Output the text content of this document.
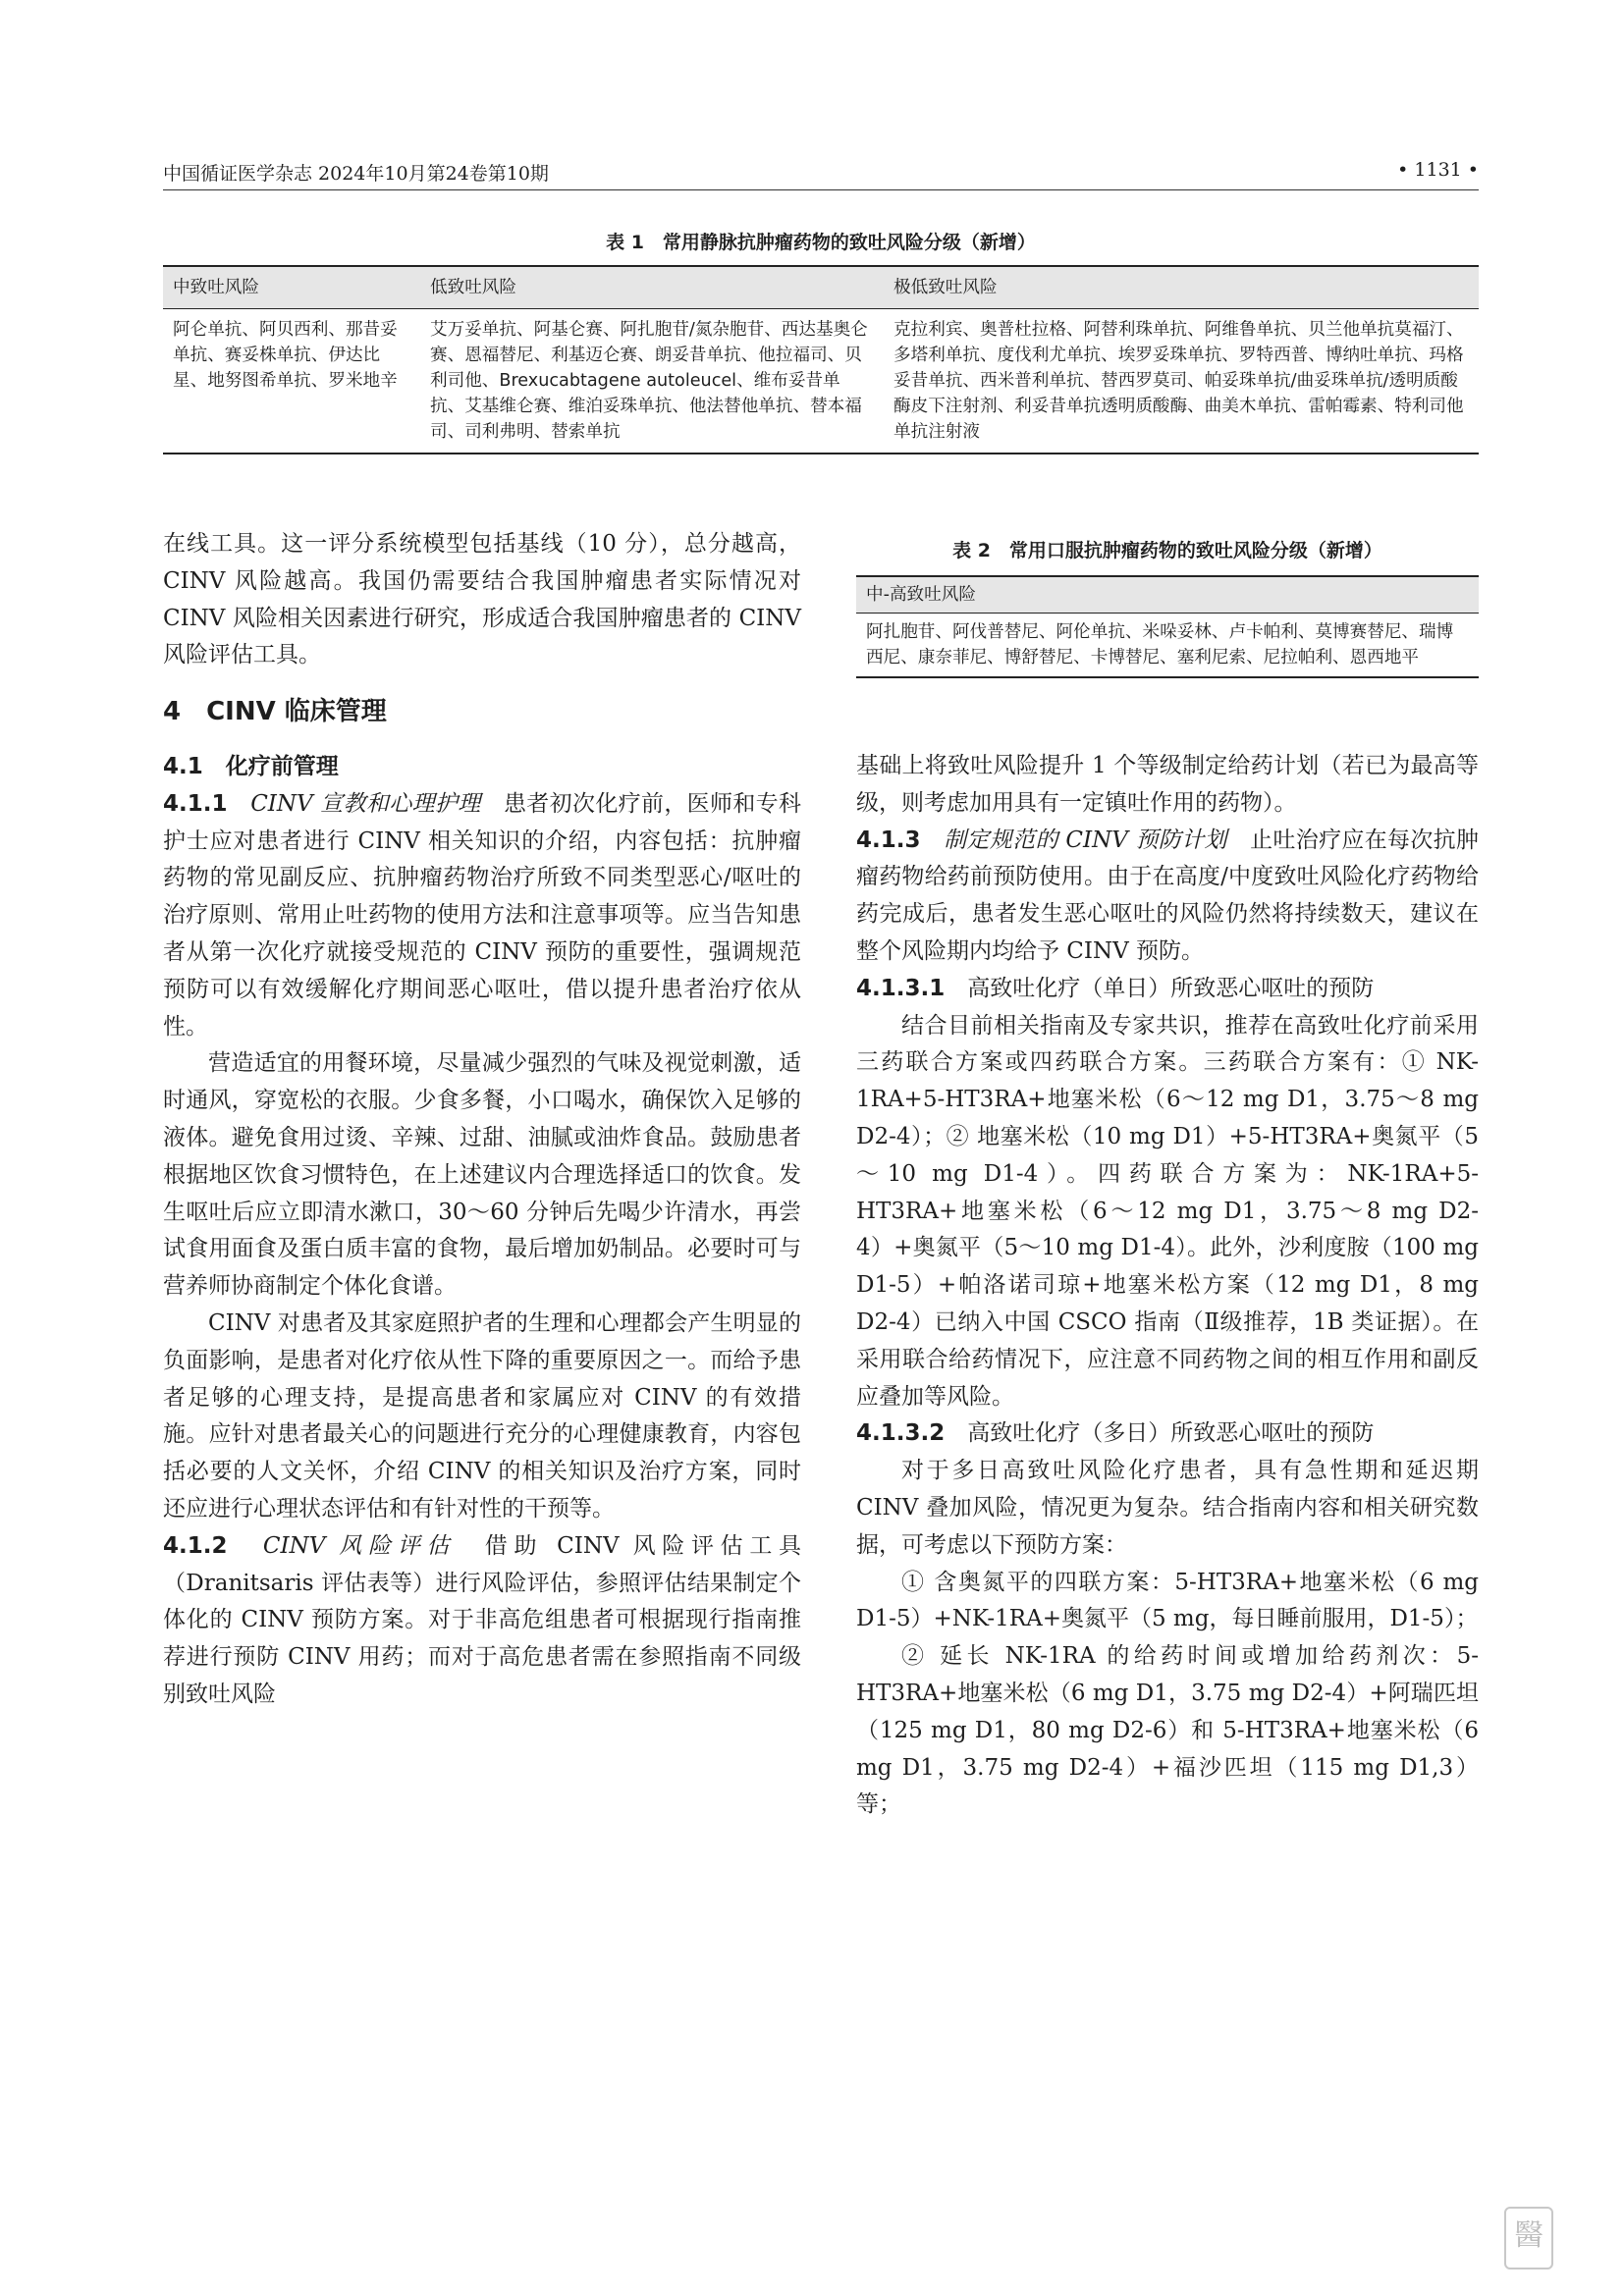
中国循证医学杂志 2024年10月第24卷第10期	• 1131 •
表 1　常用静脉抗肿瘤药物的致吐风险分级（新增）
中致吐风险	低致吐风险	极低致吐风险
阿仑单抗、阿贝西利、那昔妥单抗、赛妥株单抗、伊达比星、地努图希单抗、罗米地辛	艾万妥单抗、阿基仑赛、阿扎胞苷/氮杂胞苷、西达基奥仑赛、恩福替尼、利基迈仑赛、朗妥昔单抗、他拉福司、贝利司他、Brexucabtagene autoleucel、维布妥昔单抗、艾基维仑赛、维泊妥珠单抗、他法替他单抗、替本福司、司利弗明、替索单抗	克拉利宾、奥普杜拉格、阿替利珠单抗、阿维鲁单抗、贝兰他单抗莫福汀、多塔利单抗、度伐利尤单抗、埃罗妥珠单抗、罗特西普、博纳吐单抗、玛格妥昔单抗、西米普利单抗、替西罗莫司、帕妥珠单抗/曲妥珠单抗/透明质酸酶皮下注射剂、利妥昔单抗透明质酸酶、曲美木单抗、雷帕霉素、特利司他单抗注射液

在线工具。这一评分系统模型包括基线（10 分），总分越高，CINV 风险越高。我国仍需要结合我国肿瘤患者实际情况对 CINV 风险相关因素进行研究，形成适合我国肿瘤患者的 CINV 风险评估工具。

4　CINV 临床管理

4.1　化疗前管理

4.1.1　 CINV 宣教和心理护理　 患者初次化疗前，医师和专科护士应对患者进行 CINV 相关知识的介绍，内容包括：抗肿瘤药物的常见副反应、抗肿瘤药物治疗所致不同类型恶心/呕吐的治疗原则、常用止吐药物的使用方法和注意事项等。应当告知患者从第一次化疗就接受规范的 CINV 预防的重要性，强调规范预防可以有效缓解化疗期间恶心呕吐，借以提升患者治疗依从性。

营造适宜的用餐环境，尽量减少强烈的气味及视觉刺激，适时通风，穿宽松的衣服。少食多餐，小口喝水，确保饮入足够的液体。避免食用过烫、辛辣、过甜、油腻或油炸食品。鼓励患者根据地区饮食习惯特色，在上述建议内合理选择适口的饮食。发生呕吐后应立即清水漱口，30～60 分钟后先喝少许清水，再尝试食用面食及蛋白质丰富的食物，最后增加奶制品。必要时可与营养师协商制定个体化食谱。

CINV 对患者及其家庭照护者的生理和心理都会产生明显的负面影响，是患者对化疗依从性下降的重要原因之一。而给予患者足够的心理支持，是提高患者和家属应对 CINV 的有效措施。应针对患者最关心的问题进行充分的心理健康教育，内容包括必要的人文关怀，介绍 CINV 的相关知识及治疗方案，同时还应进行心理状态评估和有针对性的干预等。

4.1.2　 CINV 风险评估　 借助 CINV 风险评估工具（Dranitsaris 评估表等）进行风险评估，参照评估结果制定个体化的 CINV 预防方案。对于非高危组患者可根据现行指南推荐进行预防 CINV 用药；而对于高危患者需在参照指南不同级别致吐风险

表 2　常用口服抗肿瘤药物的致吐风险分级（新增）
中-高致吐风险
阿扎胞苷、阿伐普替尼、阿伦单抗、米哚妥林、卢卡帕利、莫博赛替尼、瑞博西尼、康奈菲尼、博舒替尼、卡博替尼、塞利尼索、尼拉帕利、恩西地平

基础上将致吐风险提升 1 个等级制定给药计划（若已为最高等级，则考虑加用具有一定镇吐作用的药物）。

4.1.3　 制定规范的 CINV 预防计划　 止吐治疗应在每次抗肿瘤药物给药前预防使用。由于在高度/中度致吐风险化疗药物给药完成后，患者发生恶心呕吐的风险仍然将持续数天，建议在整个风险期内均给予 CINV 预防。

4.1.3.1　 高致吐化疗（单日）所致恶心呕吐的预防

结合目前相关指南及专家共识，推荐在高致吐化疗前采用三药联合方案或四药联合方案。三药联合方案有：① NK-1RA+5-HT3RA+地塞米松（6～12 mg D1，3.75～8 mg D2-4）；② 地塞米松（10 mg D1）+5-HT3RA+奥氮平（5～10 mg D1-4）。四药联合方案为：NK-1RA+5-HT3RA+地塞米松（6～12 mg D1，3.75～8 mg D2-4）+奥氮平（5～10 mg D1-4）。此外，沙利度胺（100 mg D1-5）+帕洛诺司琼+地塞米松方案（12 mg D1，8 mg D2-4）已纳入中国 CSCO 指南（Ⅱ级推荐，1B 类证据）。在采用联合给药情况下，应注意不同药物之间的相互作用和副反应叠加等风险。

4.1.3.2　 高致吐化疗（多日）所致恶心呕吐的预防

对于多日高致吐风险化疗患者，具有急性期和延迟期 CINV 叠加风险，情况更为复杂。结合指南内容和相关研究数据，可考虑以下预防方案：

① 含奥氮平的四联方案：5-HT3RA+地塞米松（6 mg D1-5）+NK-1RA+奥氮平（5 mg，每日睡前服用，D1-5）；

② 延长 NK-1RA 的给药时间或增加给药剂次：5-HT3RA+地塞米松（6 mg D1，3.75 mg D2-4）+阿瑞匹坦（125 mg D1，80 mg D2-6）和 5-HT3RA+地塞米松（6 mg D1，3.75 mg D2-4）+福沙匹坦（115 mg D1,3）等；

醫
